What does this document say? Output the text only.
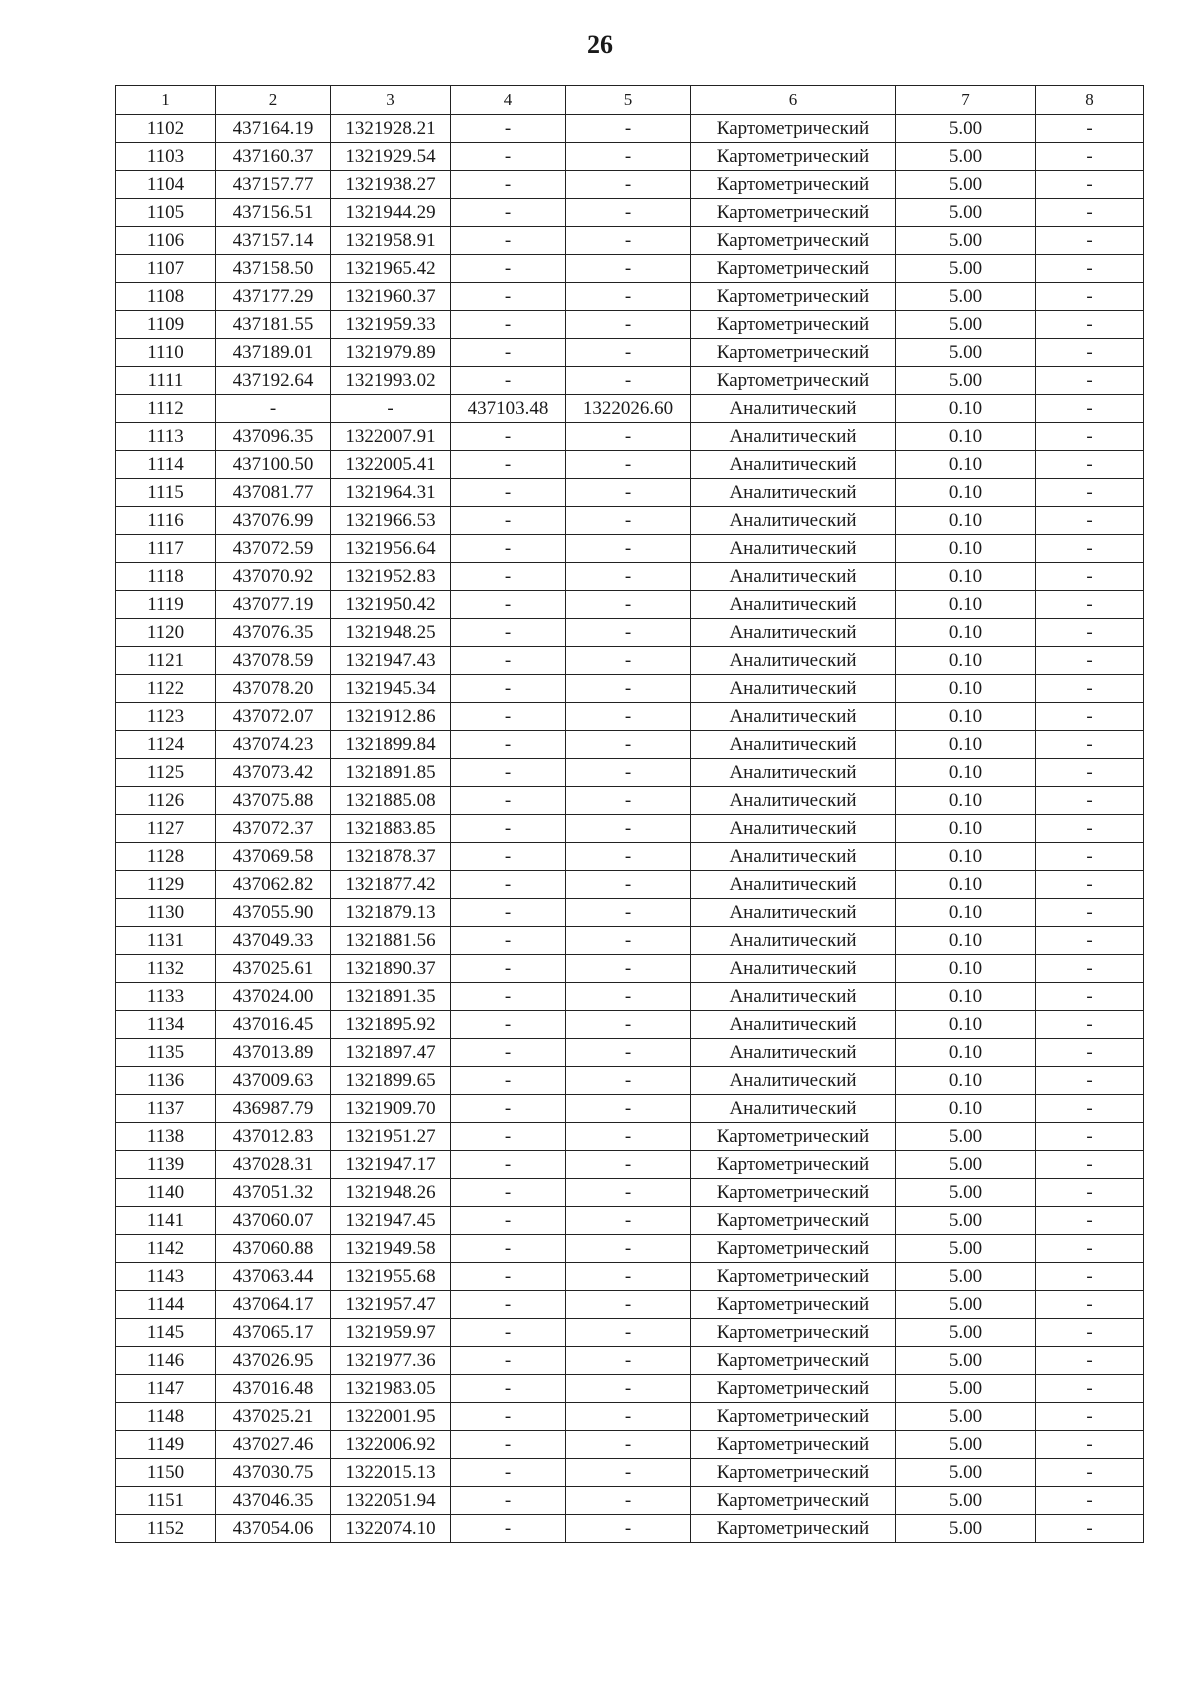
26
1	2	3	4	5	6	7	8
1102	437164.19	1321928.21	-	-	Картометрический	5.00	-
1103	437160.37	1321929.54	-	-	Картометрический	5.00	-
1104	437157.77	1321938.27	-	-	Картометрический	5.00	-
1105	437156.51	1321944.29	-	-	Картометрический	5.00	-
1106	437157.14	1321958.91	-	-	Картометрический	5.00	-
1107	437158.50	1321965.42	-	-	Картометрический	5.00	-
1108	437177.29	1321960.37	-	-	Картометрический	5.00	-
1109	437181.55	1321959.33	-	-	Картометрический	5.00	-
1110	437189.01	1321979.89	-	-	Картометрический	5.00	-
1111	437192.64	1321993.02	-	-	Картометрический	5.00	-
1112	-	-	437103.48	1322026.60	Аналитический	0.10	-
1113	437096.35	1322007.91	-	-	Аналитический	0.10	-
1114	437100.50	1322005.41	-	-	Аналитический	0.10	-
1115	437081.77	1321964.31	-	-	Аналитический	0.10	-
1116	437076.99	1321966.53	-	-	Аналитический	0.10	-
1117	437072.59	1321956.64	-	-	Аналитический	0.10	-
1118	437070.92	1321952.83	-	-	Аналитический	0.10	-
1119	437077.19	1321950.42	-	-	Аналитический	0.10	-
1120	437076.35	1321948.25	-	-	Аналитический	0.10	-
1121	437078.59	1321947.43	-	-	Аналитический	0.10	-
1122	437078.20	1321945.34	-	-	Аналитический	0.10	-
1123	437072.07	1321912.86	-	-	Аналитический	0.10	-
1124	437074.23	1321899.84	-	-	Аналитический	0.10	-
1125	437073.42	1321891.85	-	-	Аналитический	0.10	-
1126	437075.88	1321885.08	-	-	Аналитический	0.10	-
1127	437072.37	1321883.85	-	-	Аналитический	0.10	-
1128	437069.58	1321878.37	-	-	Аналитический	0.10	-
1129	437062.82	1321877.42	-	-	Аналитический	0.10	-
1130	437055.90	1321879.13	-	-	Аналитический	0.10	-
1131	437049.33	1321881.56	-	-	Аналитический	0.10	-
1132	437025.61	1321890.37	-	-	Аналитический	0.10	-
1133	437024.00	1321891.35	-	-	Аналитический	0.10	-
1134	437016.45	1321895.92	-	-	Аналитический	0.10	-
1135	437013.89	1321897.47	-	-	Аналитический	0.10	-
1136	437009.63	1321899.65	-	-	Аналитический	0.10	-
1137	436987.79	1321909.70	-	-	Аналитический	0.10	-
1138	437012.83	1321951.27	-	-	Картометрический	5.00	-
1139	437028.31	1321947.17	-	-	Картометрический	5.00	-
1140	437051.32	1321948.26	-	-	Картометрический	5.00	-
1141	437060.07	1321947.45	-	-	Картометрический	5.00	-
1142	437060.88	1321949.58	-	-	Картометрический	5.00	-
1143	437063.44	1321955.68	-	-	Картометрический	5.00	-
1144	437064.17	1321957.47	-	-	Картометрический	5.00	-
1145	437065.17	1321959.97	-	-	Картометрический	5.00	-
1146	437026.95	1321977.36	-	-	Картометрический	5.00	-
1147	437016.48	1321983.05	-	-	Картометрический	5.00	-
1148	437025.21	1322001.95	-	-	Картометрический	5.00	-
1149	437027.46	1322006.92	-	-	Картометрический	5.00	-
1150	437030.75	1322015.13	-	-	Картометрический	5.00	-
1151	437046.35	1322051.94	-	-	Картометрический	5.00	-
1152	437054.06	1322074.10	-	-	Картометрический	5.00	-
